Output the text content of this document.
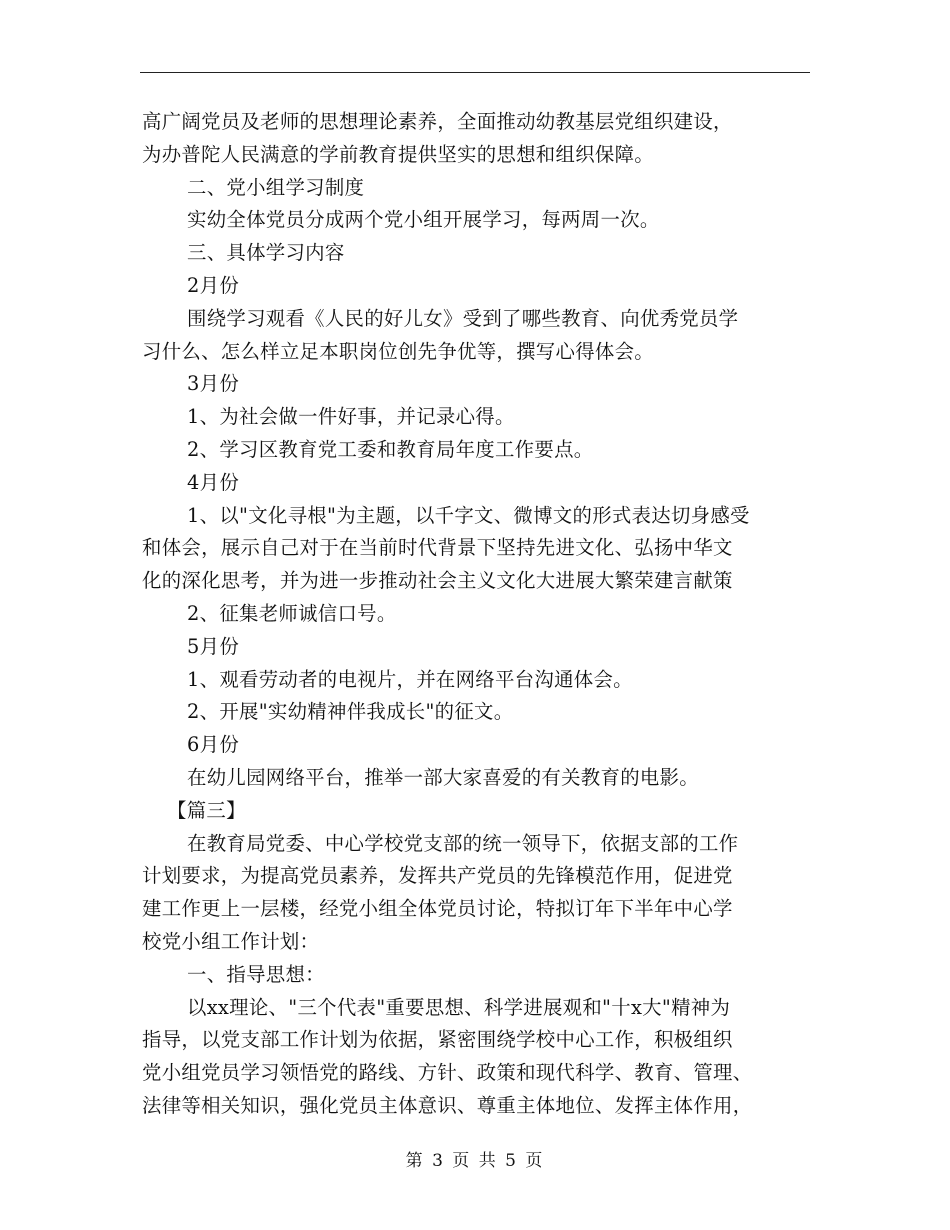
高广阔党员及老师的思想理论素养，全面推动幼教基层党组织建设，
为办普陀人民满意的学前教育提供坚实的思想和组织保障。
二、党小组学习制度
实幼全体党员分成两个党小组开展学习，每两周一次。
三、具体学习内容
2月份
围绕学习观看《人民的好儿女》受到了哪些教育、向优秀党员学
习什么、怎么样立足本职岗位创先争优等，撰写心得体会。
3月份
1、为社会做一件好事，并记录心得。
2、学习区教育党工委和教育局年度工作要点。
4月份
1、以"文化寻根"为主题，以千字文、微博文的形式表达切身感受
和体会，展示自己对于在当前时代背景下坚持先进文化、弘扬中华文
化的深化思考，并为进一步推动社会主义文化大进展大繁荣建言献策
2、征集老师诚信口号。
5月份
1、观看劳动者的电视片，并在网络平台沟通体会。
2、开展"实幼精神伴我成长"的征文。
6月份
在幼儿园网络平台，推举一部大家喜爱的有关教育的电影。
【篇三】
在教育局党委、中心学校党支部的统一领导下，依据支部的工作
计划要求，为提高党员素养，发挥共产党员的先锋模范作用，促进党
建工作更上一层楼，经党小组全体党员讨论，特拟订年下半年中心学
校党小组工作计划：
一、指导思想：
以xx理论、"三个代表"重要思想、科学进展观和"十x大"精神为
指导，以党支部工作计划为依据，紧密围绕学校中心工作，积极组织
党小组党员学习领悟党的路线、方针、政策和现代科学、教育、管理、
法律等相关知识，强化党员主体意识、尊重主体地位、发挥主体作用，
第 3 页 共 5 页
